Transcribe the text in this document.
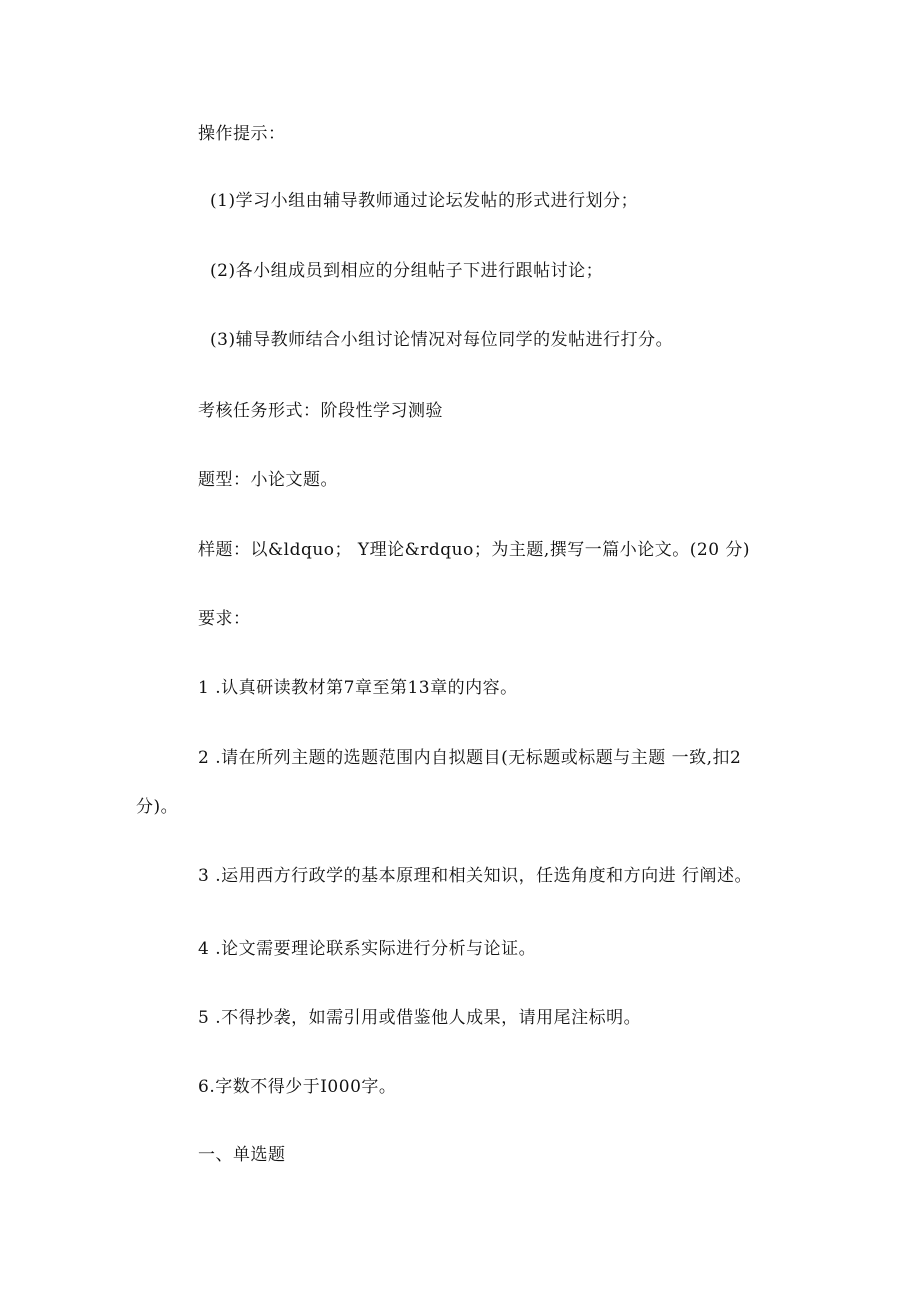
操作提示：
(1)学习小组由辅导教师通过论坛发帖的形式进行划分；
(2)各小组成员到相应的分组帖子下进行跟帖讨论；
(3)辅导教师结合小组讨论情况对每位同学的发帖进行打分。
考核任务形式：阶段性学习测验
题型：小论文题。
样题：以&ldquo； Y理论&rdquo；为主题,撰写一篇小论文。(20 分)
要求：
1 .认真研读教材第7章至第13章的内容。
2 .请在所列主题的选题范围内自拟题目(无标题或标题与主题 一致,扣2
分)。
3 .运用西方行政学的基本原理和相关知识，任选角度和方向进 行阐述。
4 .论文需要理论联系实际进行分析与论证。
5 .不得抄袭，如需引用或借鉴他人成果，请用尾注标明。
6.字数不得少于I000字。
一、单选题
